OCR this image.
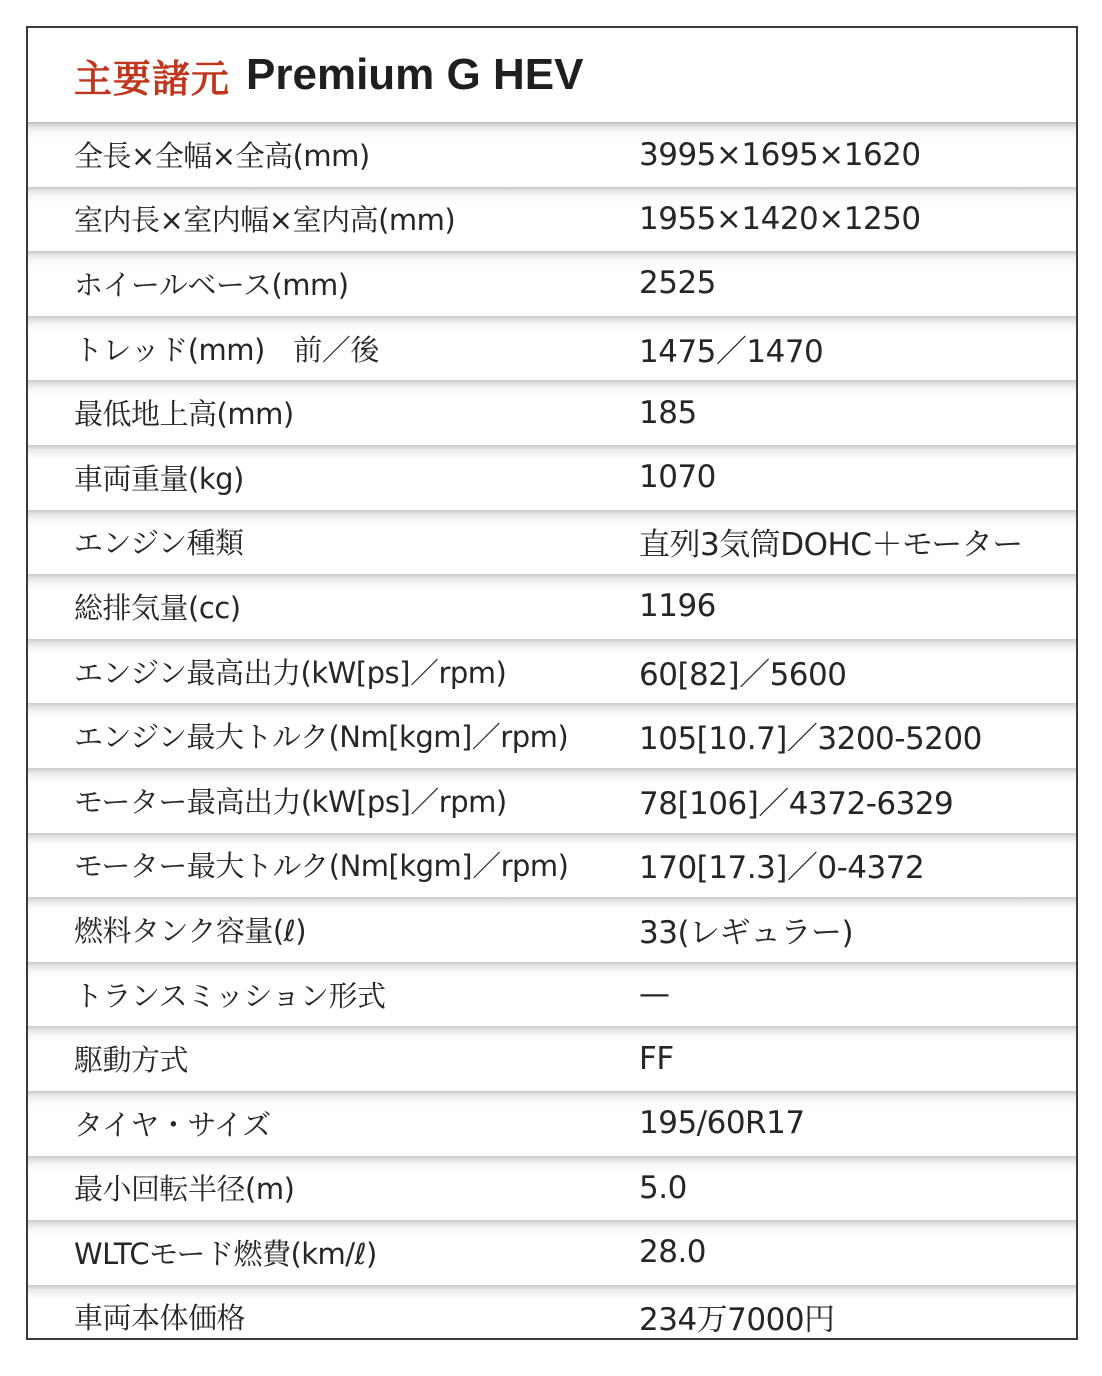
主要諸元 Premium G HEV
全長×全幅×全高(mm)	3995×1695×1620
室内長×室内幅×室内高(mm)	1955×1420×1250
ホイールベース(mm)	2525
トレッド(mm)　前／後	1475／1470
最低地上高(mm)	185
車両重量(kg)	1070
エンジン種類	直列3気筒DOHC＋モーター
総排気量(cc)	1196
エンジン最高出力(kW[ps]／rpm)	60[82]／5600
エンジン最大トルク(Nm[kgm]／rpm) 105[10.7]／3200-5200
モーター最高出力(kW[ps]／rpm)	78[106]／4372-6329
モーター最大トルク(Nm[kgm]／rpm) 170[17.3]／0-4372
燃料タンク容量(ℓ)	33(レギュラー)
トランスミッション形式	—
駆動方式	FF
タイヤ・サイズ	195/60R17
最小回転半径(m)	5.0
WLTCモード燃費(km/ℓ)	28.0
車両本体価格	234万7000円
